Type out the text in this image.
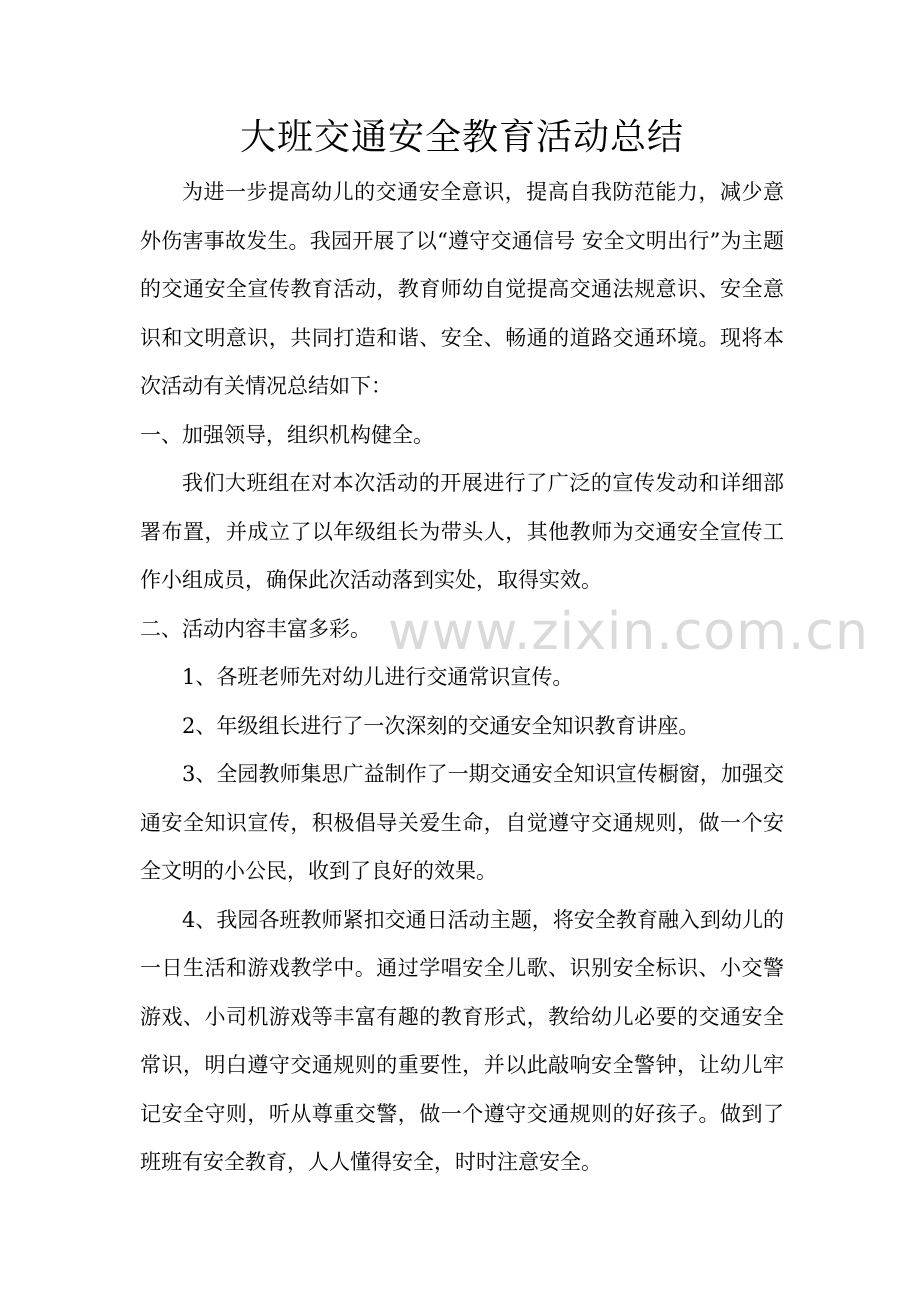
大班交通安全教育活动总结

为进一步提高幼儿的交通安全意识，提高自我防范能力，减少意外伤害事故发生。我园开展了以“遵守交通信号 安全文明出行”为主题的交通安全宣传教育活动，教育师幼自觉提高交通法规意识、安全意识和文明意识，共同打造和谐、安全、畅通的道路交通环境。现将本次活动有关情况总结如下：

一、加强领导，组织机构健全。

我们大班组在对本次活动的开展进行了广泛的宣传发动和详细部署布置，并成立了以年级组长为带头人，其他教师为交通安全宣传工作小组成员，确保此次活动落到实处，取得实效。

二、活动内容丰富多彩。

1、各班老师先对幼儿进行交通常识宣传。

2、年级组长进行了一次深刻的交通安全知识教育讲座。

3、全园教师集思广益制作了一期交通安全知识宣传橱窗，加强交通安全知识宣传，积极倡导关爱生命，自觉遵守交通规则，做一个安全文明的小公民，收到了良好的效果。

4、我园各班教师紧扣交通日活动主题，将安全教育融入到幼儿的一日生活和游戏教学中。通过学唱安全儿歌、识别安全标识、小交警游戏、小司机游戏等丰富有趣的教育形式，教给幼儿必要的交通安全常识，明白遵守交通规则的重要性，并以此敲响安全警钟，让幼儿牢记安全守则，听从尊重交警，做一个遵守交通规则的好孩子。做到了班班有安全教育，人人懂得安全，时时注意安全。

www.zixin.com.cn
